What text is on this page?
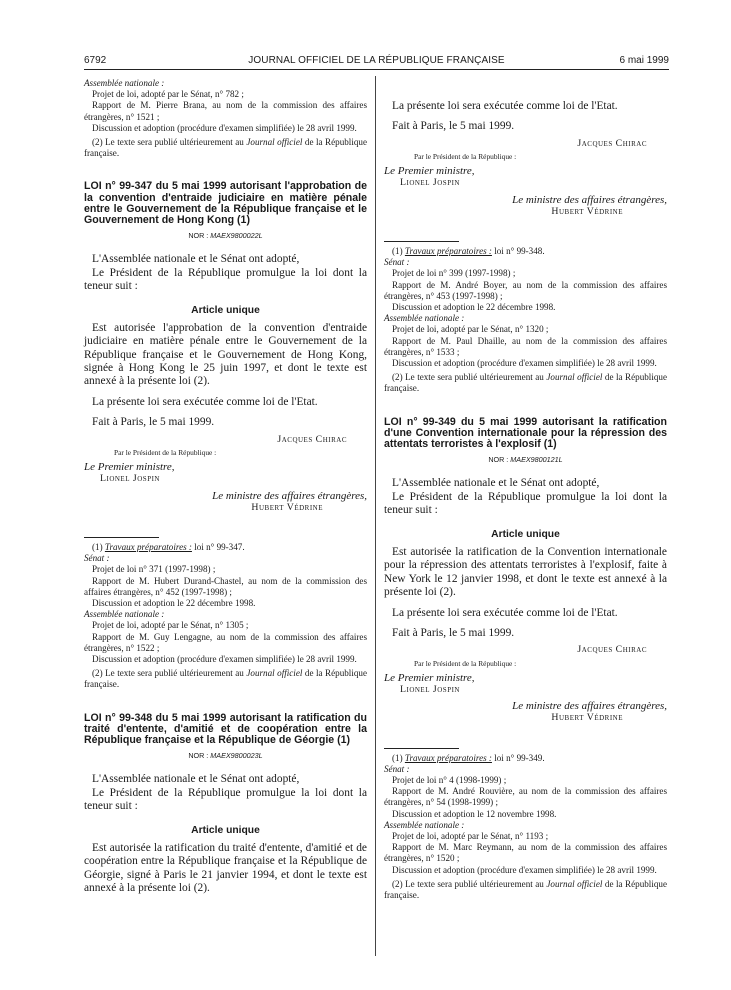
6792	JOURNAL OFFICIEL DE LA RÉPUBLIQUE FRANÇAISE	6 mai 1999
Assemblée nationale :
Projet de loi, adopté par le Sénat, n° 782 ;
Rapport de M. Pierre Brana, au nom de la commission des affaires étrangères, n° 1521 ;
Discussion et adoption (procédure d'examen simplifiée) le 28 avril 1999.
(2) Le texte sera publié ultérieurement au Journal officiel de la République française.
LOI n° 99-347 du 5 mai 1999 autorisant l'approbation de la convention d'entraide judiciaire en matière pénale entre le Gouvernement de la République française et le Gouvernement de Hong Kong (1)
NOR : MAEX9800022L
L'Assemblée nationale et le Sénat ont adopté,
Le Président de la République promulgue la loi dont la teneur suit :
Article unique
Est autorisée l'approbation de la convention d'entraide judiciaire en matière pénale entre le Gouvernement de la République française et le Gouvernement de Hong Kong, signée à Hong Kong le 25 juin 1997, et dont le texte est annexé à la présente loi (2).
La présente loi sera exécutée comme loi de l'Etat.
Fait à Paris, le 5 mai 1999.
Jacques Chirac
Par le Président de la République :
Le Premier ministre,
Lionel Jospin
Le ministre des affaires étrangères,
Hubert Védrine
(1) Travaux préparatoires : loi n° 99-347.
Sénat :
Projet de loi n° 371 (1997-1998) ;
Rapport de M. Hubert Durand-Chastel, au nom de la commission des affaires étrangères, n° 452 (1997-1998) ;
Discussion et adoption le 22 décembre 1998.
Assemblée nationale :
Projet de loi, adopté par le Sénat, n° 1305 ;
Rapport de M. Guy Lengagne, au nom de la commission des affaires étrangères, n° 1522 ;
Discussion et adoption (procédure d'examen simplifiée) le 28 avril 1999.
(2) Le texte sera publié ultérieurement au Journal officiel de la République française.
LOI n° 99-348 du 5 mai 1999 autorisant la ratification du traité d'entente, d'amitié et de coopération entre la République française et la République de Géorgie (1)
NOR : MAEX9800023L
L'Assemblée nationale et le Sénat ont adopté,
Le Président de la République promulgue la loi dont la teneur suit :
Article unique
Est autorisée la ratification du traité d'entente, d'amitié et de coopération entre la République française et la République de Géorgie, signé à Paris le 21 janvier 1994, et dont le texte est annexé à la présente loi (2).
La présente loi sera exécutée comme loi de l'Etat.
Fait à Paris, le 5 mai 1999.
Jacques Chirac
Par le Président de la République :
Le Premier ministre,
Lionel Jospin
Le ministre des affaires étrangères,
Hubert Védrine
(1) Travaux préparatoires : loi n° 99-348.
Sénat :
Projet de loi n° 399 (1997-1998) ;
Rapport de M. André Boyer, au nom de la commission des affaires étrangères, n° 453 (1997-1998) ;
Discussion et adoption le 22 décembre 1998.
Assemblée nationale :
Projet de loi, adopté par le Sénat, n° 1320 ;
Rapport de M. Paul Dhaille, au nom de la commission des affaires étrangères, n° 1533 ;
Discussion et adoption (procédure d'examen simplifiée) le 28 avril 1999.
(2) Le texte sera publié ultérieurement au Journal officiel de la République française.
LOI n° 99-349 du 5 mai 1999 autorisant la ratification d'une Convention internationale pour la répression des attentats terroristes à l'explosif (1)
NOR : MAEX9800121L
L'Assemblée nationale et le Sénat ont adopté,
Le Président de la République promulgue la loi dont la teneur suit :
Article unique
Est autorisée la ratification de la Convention internationale pour la répression des attentats terroristes à l'explosif, faite à New York le 12 janvier 1998, et dont le texte est annexé à la présente loi (2).
La présente loi sera exécutée comme loi de l'Etat.
Fait à Paris, le 5 mai 1999.
Jacques Chirac
Par le Président de la République :
Le Premier ministre,
Lionel Jospin
Le ministre des affaires étrangères,
Hubert Védrine
(1) Travaux préparatoires : loi n° 99-349.
Sénat :
Projet de loi n° 4 (1998-1999) ;
Rapport de M. André Rouvière, au nom de la commission des affaires étrangères, n° 54 (1998-1999) ;
Discussion et adoption le 12 novembre 1998.
Assemblée nationale :
Projet de loi, adopté par le Sénat, n° 1193 ;
Rapport de M. Marc Reymann, au nom de la commission des affaires étrangères, n° 1520 ;
Discussion et adoption (procédure d'examen simplifiée) le 28 avril 1999.
(2) Le texte sera publié ultérieurement au Journal officiel de la République française.
